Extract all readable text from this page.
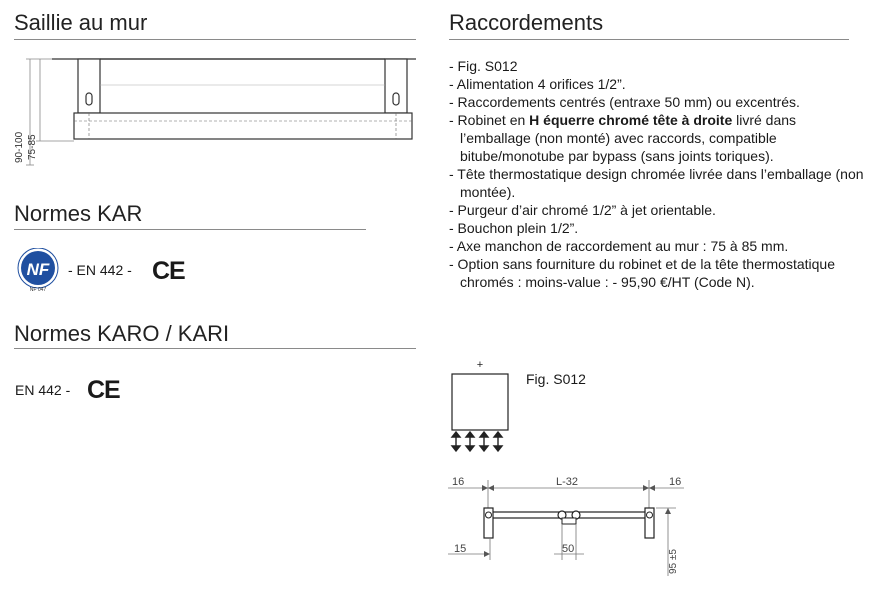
Saillie au mur
90-100 75-85
Normes KAR
NF
NF 047
- EN 442 - CE
Normes KARO / KARI
EN 442 - CE
Raccordements
- Fig. S012
- Alimentation 4 orifices 1/2”.
- Raccordements centrés (entraxe 50 mm) ou excentrés.
- Robinet en H équerre chromé tête à droite livré dans l’emballage (non monté) avec raccords, compatible bitube/monotube par bypass (sans joints toriques).
- Tête thermostatique design chromée livrée dans l’emballage (non montée).
- Purgeur d’air chromé 1/2” à jet orientable.
- Bouchon plein 1/2”.
- Axe manchon de raccordement au mur : 75 à 85 mm.
- Option sans fourniture du robinet et de la tête thermostatique chromés : moins-value : - 95,90 €/HT (Code N).
+
Fig. S012
16	L-32	16
15	50
95 ±5
